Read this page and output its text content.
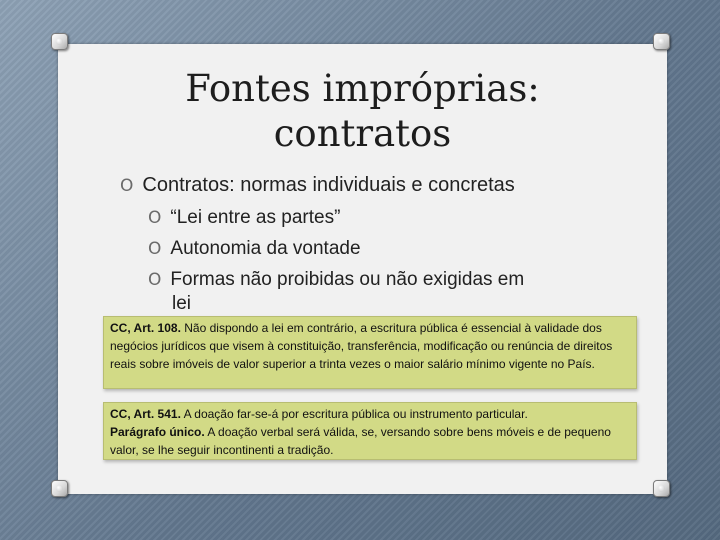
Fontes impróprias:
contratos
O Contratos: normas individuais e concretas
O “Lei entre as partes”
O Autonomia da vontade
O Formas não proibidas ou não exigidas em
lei
CC, Art. 108. Não dispondo a lei em contrário, a escritura pública é essencial à validade dos negócios jurídicos que visem à constituição, transferência, modificação ou renúncia de direitos reais sobre imóveis de valor superior a trinta vezes o maior salário mínimo vigente no País.
CC, Art. 541. A doação far-se-á por escritura pública ou instrumento particular.
Parágrafo único. A doação verbal será válida, se, versando sobre bens móveis e de pequeno valor, se lhe seguir incontinenti a tradição.
